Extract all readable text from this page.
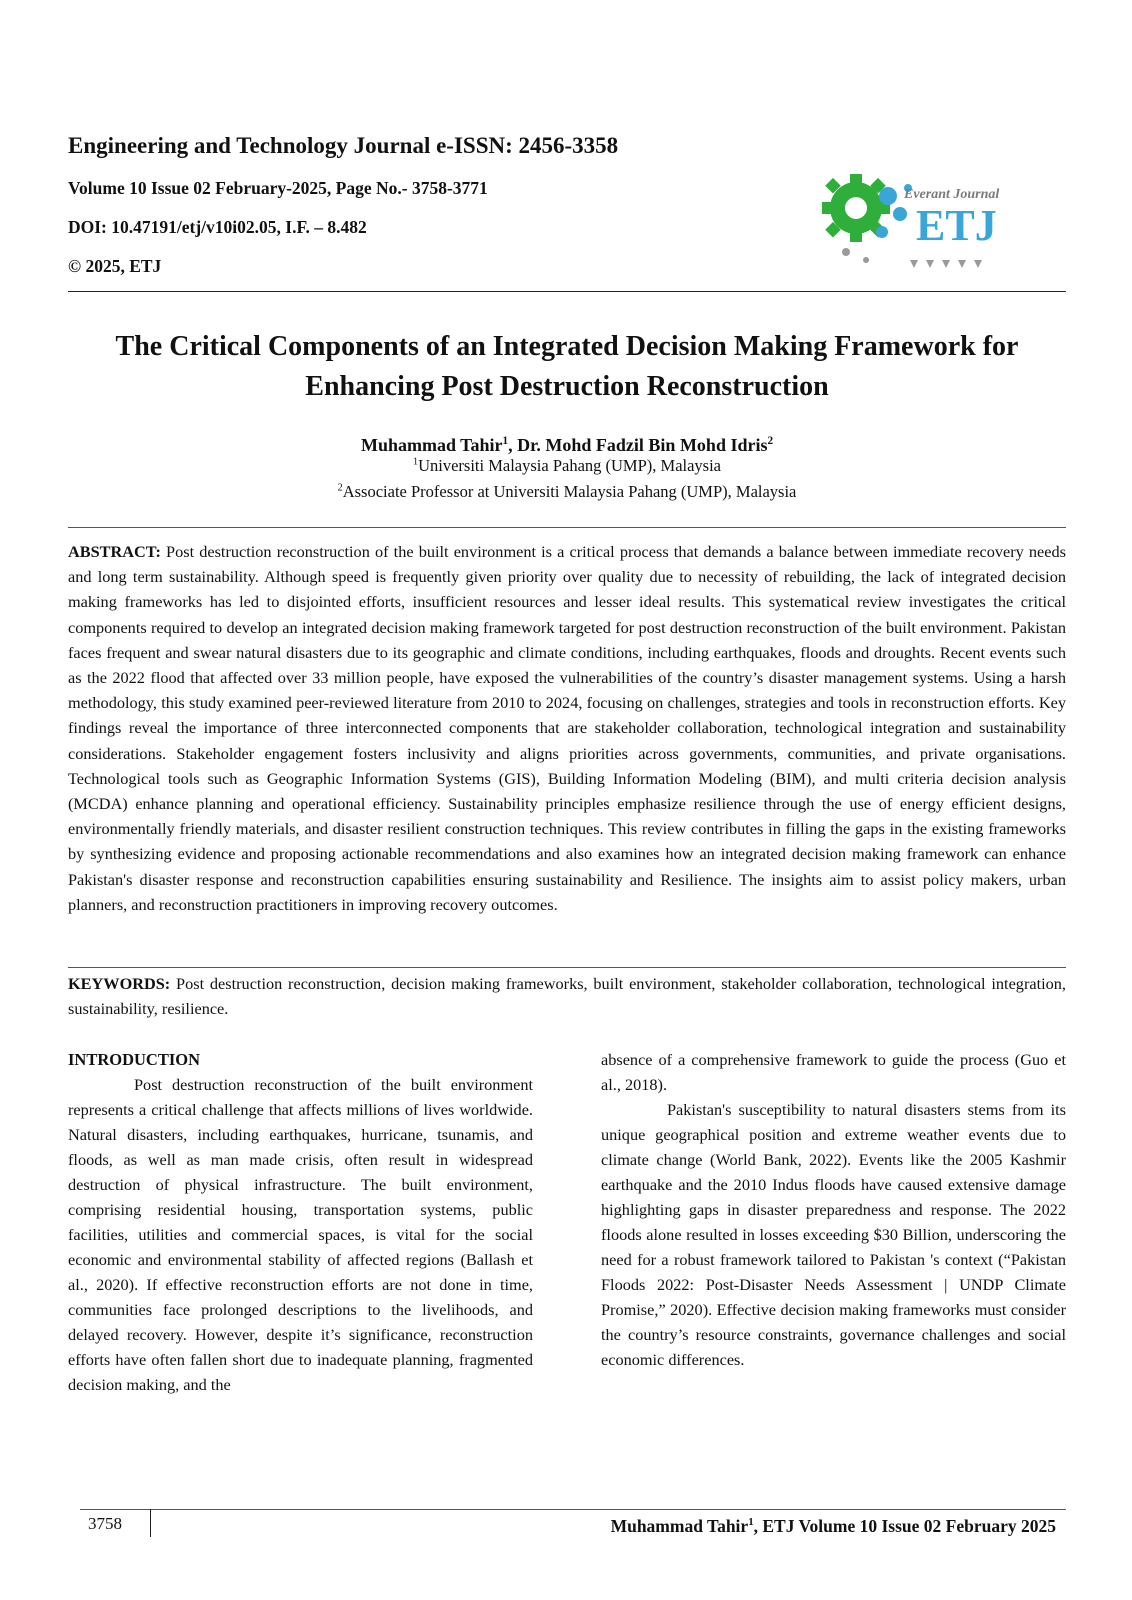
Engineering and Technology Journal e-ISSN: 2456-3358
Volume 10 Issue 02 February-2025, Page No.- 3758-3771
DOI: 10.47191/etj/v10i02.05, I.F. – 8.482
© 2025, ETJ
Everant Journal
ETJ
The Critical Components of an Integrated Decision Making Framework for
Enhancing Post Destruction Reconstruction
Muhammad Tahir$^1$, Dr. Mohd Fadzil Bin Mohd Idris$^2$
$^1$Universiti Malaysia Pahang (UMP), Malaysia
$^2$Associate Professor at Universiti Malaysia Pahang (UMP), Malaysia
ABSTRACT: Post destruction reconstruction of the built environment is a critical process that demands a balance between immediate recovery needs and long term sustainability. Although speed is frequently given priority over quality due to necessity of rebuilding, the lack of integrated decision making frameworks has led to disjointed efforts, insufficient resources and lesser ideal results. This systematical review investigates the critical components required to develop an integrated decision making framework targeted for post destruction reconstruction of the built environment. Pakistan faces frequent and swear natural disasters due to its geographic and climate conditions, including earthquakes, floods and droughts. Recent events such as the 2022 flood that affected over 33 million people, have exposed the vulnerabilities of the country’s disaster management systems. Using a harsh methodology, this study examined peer-reviewed literature from 2010 to 2024, focusing on challenges, strategies and tools in reconstruction efforts. Key findings reveal the importance of three interconnected components that are stakeholder collaboration, technological integration and sustainability considerations. Stakeholder engagement fosters inclusivity and aligns priorities across governments, communities, and private organisations. Technological tools such as Geographic Information Systems (GIS), Building Information Modeling (BIM), and multi criteria decision analysis (MCDA) enhance planning and operational efficiency. Sustainability principles emphasize resilience through the use of energy efficient designs, environmentally friendly materials, and disaster resilient construction techniques. This review contributes in filling the gaps in the existing frameworks by synthesizing evidence and proposing actionable recommendations and also examines how an integrated decision making framework can enhance Pakistan's disaster response and reconstruction capabilities ensuring sustainability and Resilience. The insights aim to assist policy makers, urban planners, and reconstruction practitioners in improving recovery outcomes.
KEYWORDS: Post destruction reconstruction, decision making frameworks, built environment, stakeholder collaboration, technological integration, sustainability, resilience.
INTRODUCTION

Post destruction reconstruction of the built environment represents a critical challenge that affects millions of lives worldwide. Natural disasters, including earthquakes, hurricane, tsunamis, and floods, as well as man made crisis, often result in widespread destruction of physical infrastructure. The built environment, comprising residential housing, transportation systems, public facilities, utilities and commercial spaces, is vital for the social economic and environmental stability of affected regions (Ballash et al., 2020). If effective reconstruction efforts are not done in time, communities face prolonged descriptions to the livelihoods, and delayed recovery. However, despite it’s significance, reconstruction efforts have often fallen short due to inadequate planning, fragmented decision making, and the

absence of a comprehensive framework to guide the process (Guo et al., 2018).

Pakistan's susceptibility to natural disasters stems from its unique geographical position and extreme weather events due to climate change (World Bank, 2022). Events like the 2005 Kashmir earthquake and the 2010 Indus floods have caused extensive damage highlighting gaps in disaster preparedness and response. The 2022 floods alone resulted in losses exceeding $30 Billion, underscoring the need for a robust framework tailored to Pakistan 's context (“Pakistan Floods 2022: Post-Disaster Needs Assessment | UNDP Climate Promise,” 2020). Effective decision making frameworks must consider the country’s resource constraints, governance challenges and social economic differences.

3758	Muhammad Tahir$^1$, ETJ Volume 10 Issue 02 February 2025
